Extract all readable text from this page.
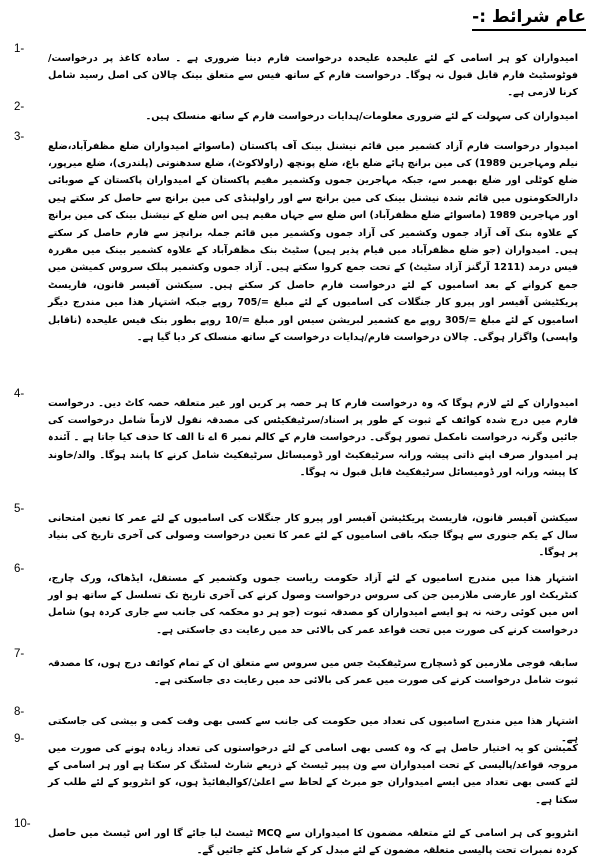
عام شرائط :-
1-

امیدواران کو ہر اسامی کے لئے علیحدہ علیحدہ درخواست فارم دینا ضروری ہے ۔ سادہ کاغذ پر درخواست/فوٹوسٹیٹ فارم قابل قبول نہ ہوگا۔ درخواست فارم کے ساتھ فیس سے متعلق بینک چالان کی اصل رسید شامل کرنا لازمی ہے۔

2-

امیدواران کی سہولت کے لئے ضروری معلومات/ہدایات درخواست فارم کے ساتھ منسلک ہیں۔

3-

امیدوار درخواست فارم آزاد کشمیر میں قائم نیشنل بینک آف پاکستان (ماسوائے امیدواران ضلع مظفرآباد،ضلع نیلم ومہاجرین 1989) کی مین برانچ ہائے ضلع باغ، ضلع پونچھ (راولاکوٹ)، ضلع سدھنوتی (پلندری)، ضلع میرپور، ضلع کوٹلی اور ضلع بھمبر سے، جبکہ مہاجرین جموں وکشمیر مقیم پاکستان کے امیدواران پاکستان کے صوبائی دارالحکومتوں میں قائم شدہ نیشنل بینک کی مین برانچ سے اور راولپنڈی کی مین برانچ سے حاصل کر سکتے ہیں اور مہاجرین 1989 (ماسوائے ضلع مظفرآباد) اس ضلع سے جہاں مقیم ہیں اس ضلع کے نیشنل بینک کی مین برانچ کے علاوہ بنک آف آزاد جموں وکشمیر کی آزاد جموں وکشمیر میں قائم جملہ برانچز سے فارم حاصل کر سکتے ہیں۔ امیدواران (جو ضلع مظفرآباد میں قیام پذیر ہیں) سٹیٹ بنک مظفرآباد کے علاوہ کشمیر بینک میں مقررہ فیس درمد (1211 آرگنز آزاد سٹیٹ) کے تحت جمع کروا سکتے ہیں۔ آزاد جموں وکشمیر پبلک سروس کمیشن میں جمع کروانے کے بعد اسامیوں کے لئے درخواست فارم حاصل کر سکتے ہیں۔ سیکشن آفیسر قانون، فاریسٹ پریکٹیشن آفیسر اور پیرو کار جنگلات کی اسامیوں کے لئے مبلغ =/705 روپے جبکہ اشتہار ھذا میں مندرج دیگر اسامیوں کے لئے مبلغ =/305 روپے مع کشمیر لبریشن سیس اور مبلغ =/10 روپے بطور بنک فیس علیحدہ (ناقابل واپسی) واگزار ہوگی۔ چالان درخواست فارم/ہدایات درخواست کے ساتھ منسلک کر دیا گیا ہے۔

4-

امیدواران کے لئے لازم ہوگا کہ وہ درخواست فارم کا ہر حصہ پر کریں اور غیر متعلقہ حصہ کاٹ دیں۔ درخواست فارم میں درج شدہ کوائف کے ثبوت کے طور پر اسناد/سرٹیفکیٹس کی مصدقہ نقول لازماً شامل درخواست کی جائیں وگرنہ درخواست نامکمل تصور ہوگی۔ درخواست فارم کے کالم نمبر 6 اے تا الف کا حذف کیا جاتا ہے ۔ آئندہ ہر امیدوار صرف اپنے ذاتی پیشہ ورانہ سرٹیفکیٹ اور ڈومیسائل سرٹیفکیٹ شامل کرنے کا پابند ہوگا۔ والد/خاوند کا پیشہ ورانہ اور ڈومیسائل سرٹیفکیٹ قابل قبول نہ ہوگا۔

5-

سیکشن آفیسر قانون، فاریسٹ پریکٹیشن آفیسر اور پیرو کار جنگلات کی اسامیوں کے لئے عمر کا تعین امتحانی سال کے یکم جنوری سے ہوگا جبکہ باقی اسامیوں کے لئے عمر کا تعین درخواست وصولی کی آخری تاریخ کی بنیاد پر ہوگا۔

6-

اشتہار ھذا میں مندرج اسامیوں کے لئے آزاد حکومت ریاست جموں وکشمیر کے مستقل، ایڈھاک، ورک چارج، کنٹریکٹ اور عارضی ملازمین جن کی سروس درخواست وصول کرنے کی آخری تاریخ تک تسلسل کے ساتھ ہو اور اس میں کوئی رخنہ نہ ہو ایسے امیدواران کو مصدقہ ثبوت (جو ہر دو محکمہ کی جانب سے جاری کردہ ہو) شامل درخواست کرنے کی صورت میں تحت قواعد عمر کی بالائی حد میں رعایت دی جاسکتی ہے۔

7-

سابقہ فوجی ملازمین کو ڈسچارج سرٹیفکیٹ جس میں سروس سے متعلق ان کے تمام کوائف درج ہوں، کا مصدقہ ثبوت شامل درخواست کرنے کی صورت میں عمر کی بالائی حد میں رعایت دی جاسکتی ہے۔

8-

اشتہار ھذا میں مندرج اسامیوں کی تعداد میں حکومت کی جانب سے کسی بھی وقت کمی و بیشی کی جاسکتی ہے۔

9-

کمیشن کو یہ اختیار حاصل ہے کہ وہ کسی بھی اسامی کے لئے درخواستوں کی تعداد زیادہ ہونے کی صورت میں مروجہ قواعد/پالیسی کے تحت امیدواران سے ون پیپر ٹیسٹ کے ذریعے شارٹ لسٹنگ کر سکتا ہے اور ہر اسامی کے لئے کسی بھی تعداد میں ایسے امیدواران جو میرٹ کے لحاظ سے اعلیٰ/کوالیفائیڈ ہوں، کو انٹرویو کے لئے طلب کر سکتا ہے۔

10-

انٹرویو کی ہر اسامی کے لئے متعلقہ مضمون کا امیدواران سے MCQ ٹیسٹ لیا جائے گا اور اس ٹیسٹ میں حاصل کردہ نمبرات تحت پالیسی متعلقہ مضمون کے لئے مبدل کر کے شامل کئے جائیں گے۔
